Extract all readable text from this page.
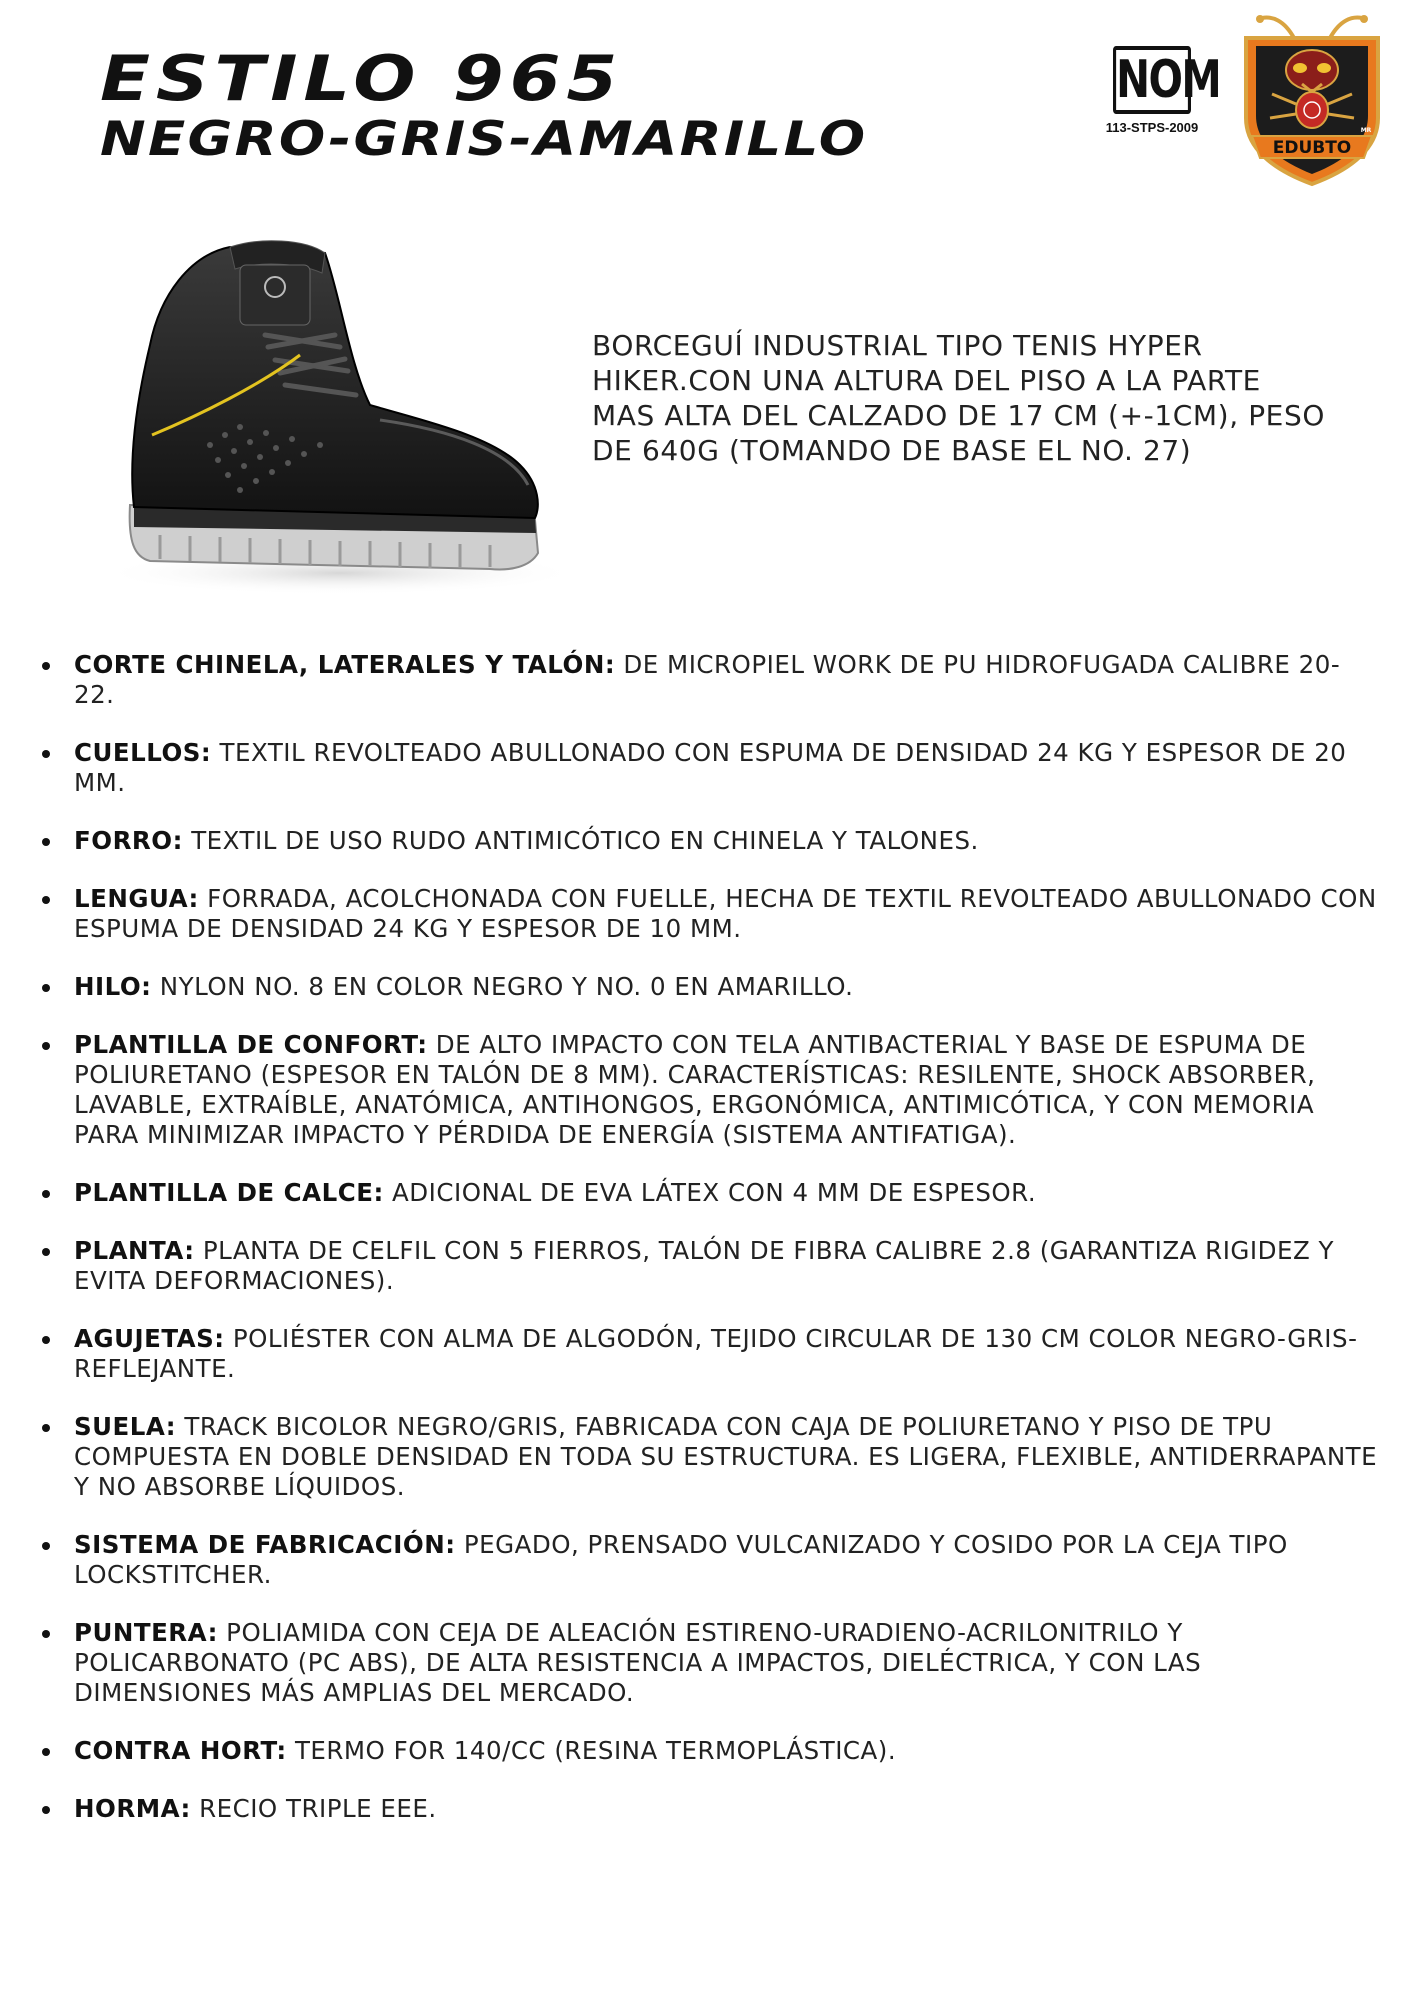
ESTILO 965
NEGRO-GRIS-AMARILLO
NOM
113-STPS-2009
EDUBTO
MR

BORCEGUÍ INDUSTRIAL TIPO TENIS HYPER HIKER.CON UNA ALTURA DEL PISO A LA PARTE MAS ALTA DEL CALZADO DE 17 CM (+-1CM), PESO DE 640G (TOMANDO DE BASE EL NO. 27)

CORTE CHINELA, LATERALES Y TALÓN: DE MICROPIEL WORK DE PU HIDROFUGADA CALIBRE 20-22.
CUELLOS: TEXTIL REVOLTEADO ABULLONADO CON ESPUMA DE DENSIDAD 24 KG Y ESPESOR DE 20 MM.
FORRO: TEXTIL DE USO RUDO ANTIMICÓTICO EN CHINELA Y TALONES.
LENGUA: FORRADA, ACOLCHONADA CON FUELLE, HECHA DE TEXTIL REVOLTEADO ABULLONADO CON ESPUMA DE DENSIDAD 24 KG Y ESPESOR DE 10 MM.
HILO: NYLON NO. 8 EN COLOR NEGRO Y NO. 0 EN AMARILLO.
PLANTILLA DE CONFORT: DE ALTO IMPACTO CON TELA ANTIBACTERIAL Y BASE DE ESPUMA DE POLIURETANO (ESPESOR EN TALÓN DE 8 MM). CARACTERÍSTICAS: RESILENTE, SHOCK ABSORBER, LAVABLE, EXTRAÍBLE, ANATÓMICA, ANTIHONGOS, ERGONÓMICA, ANTIMICÓTICA, Y CON MEMORIA PARA MINIMIZAR IMPACTO Y PÉRDIDA DE ENERGÍA (SISTEMA ANTIFATIGA).
PLANTILLA DE CALCE: ADICIONAL DE EVA LÁTEX CON 4 MM DE ESPESOR.
PLANTA: PLANTA DE CELFIL CON 5 FIERROS, TALÓN DE FIBRA CALIBRE 2.8 (GARANTIZA RIGIDEZ Y EVITA DEFORMACIONES).
AGUJETAS: POLIÉSTER CON ALMA DE ALGODÓN, TEJIDO CIRCULAR DE 130 CM COLOR NEGRO-GRIS-REFLEJANTE.
SUELA: TRACK BICOLOR NEGRO/GRIS, FABRICADA CON CAJA DE POLIURETANO Y PISO DE TPU COMPUESTA EN DOBLE DENSIDAD EN TODA SU ESTRUCTURA. ES LIGERA, FLEXIBLE, ANTIDERRAPANTE Y NO ABSORBE LÍQUIDOS.
SISTEMA DE FABRICACIÓN: PEGADO, PRENSADO VULCANIZADO Y COSIDO POR LA CEJA TIPO LOCKSTITCHER.
PUNTERA: POLIAMIDA CON CEJA DE ALEACIÓN ESTIRENO-URADIENO-ACRILONITRILO Y POLICARBONATO (PC ABS), DE ALTA RESISTENCIA A IMPACTOS, DIELÉCTRICA, Y CON LAS DIMENSIONES MÁS AMPLIAS DEL MERCADO.
CONTRA HORT: TERMO FOR 140/CC (RESINA TERMOPLÁSTICA).
HORMA: RECIO TRIPLE EEE.
